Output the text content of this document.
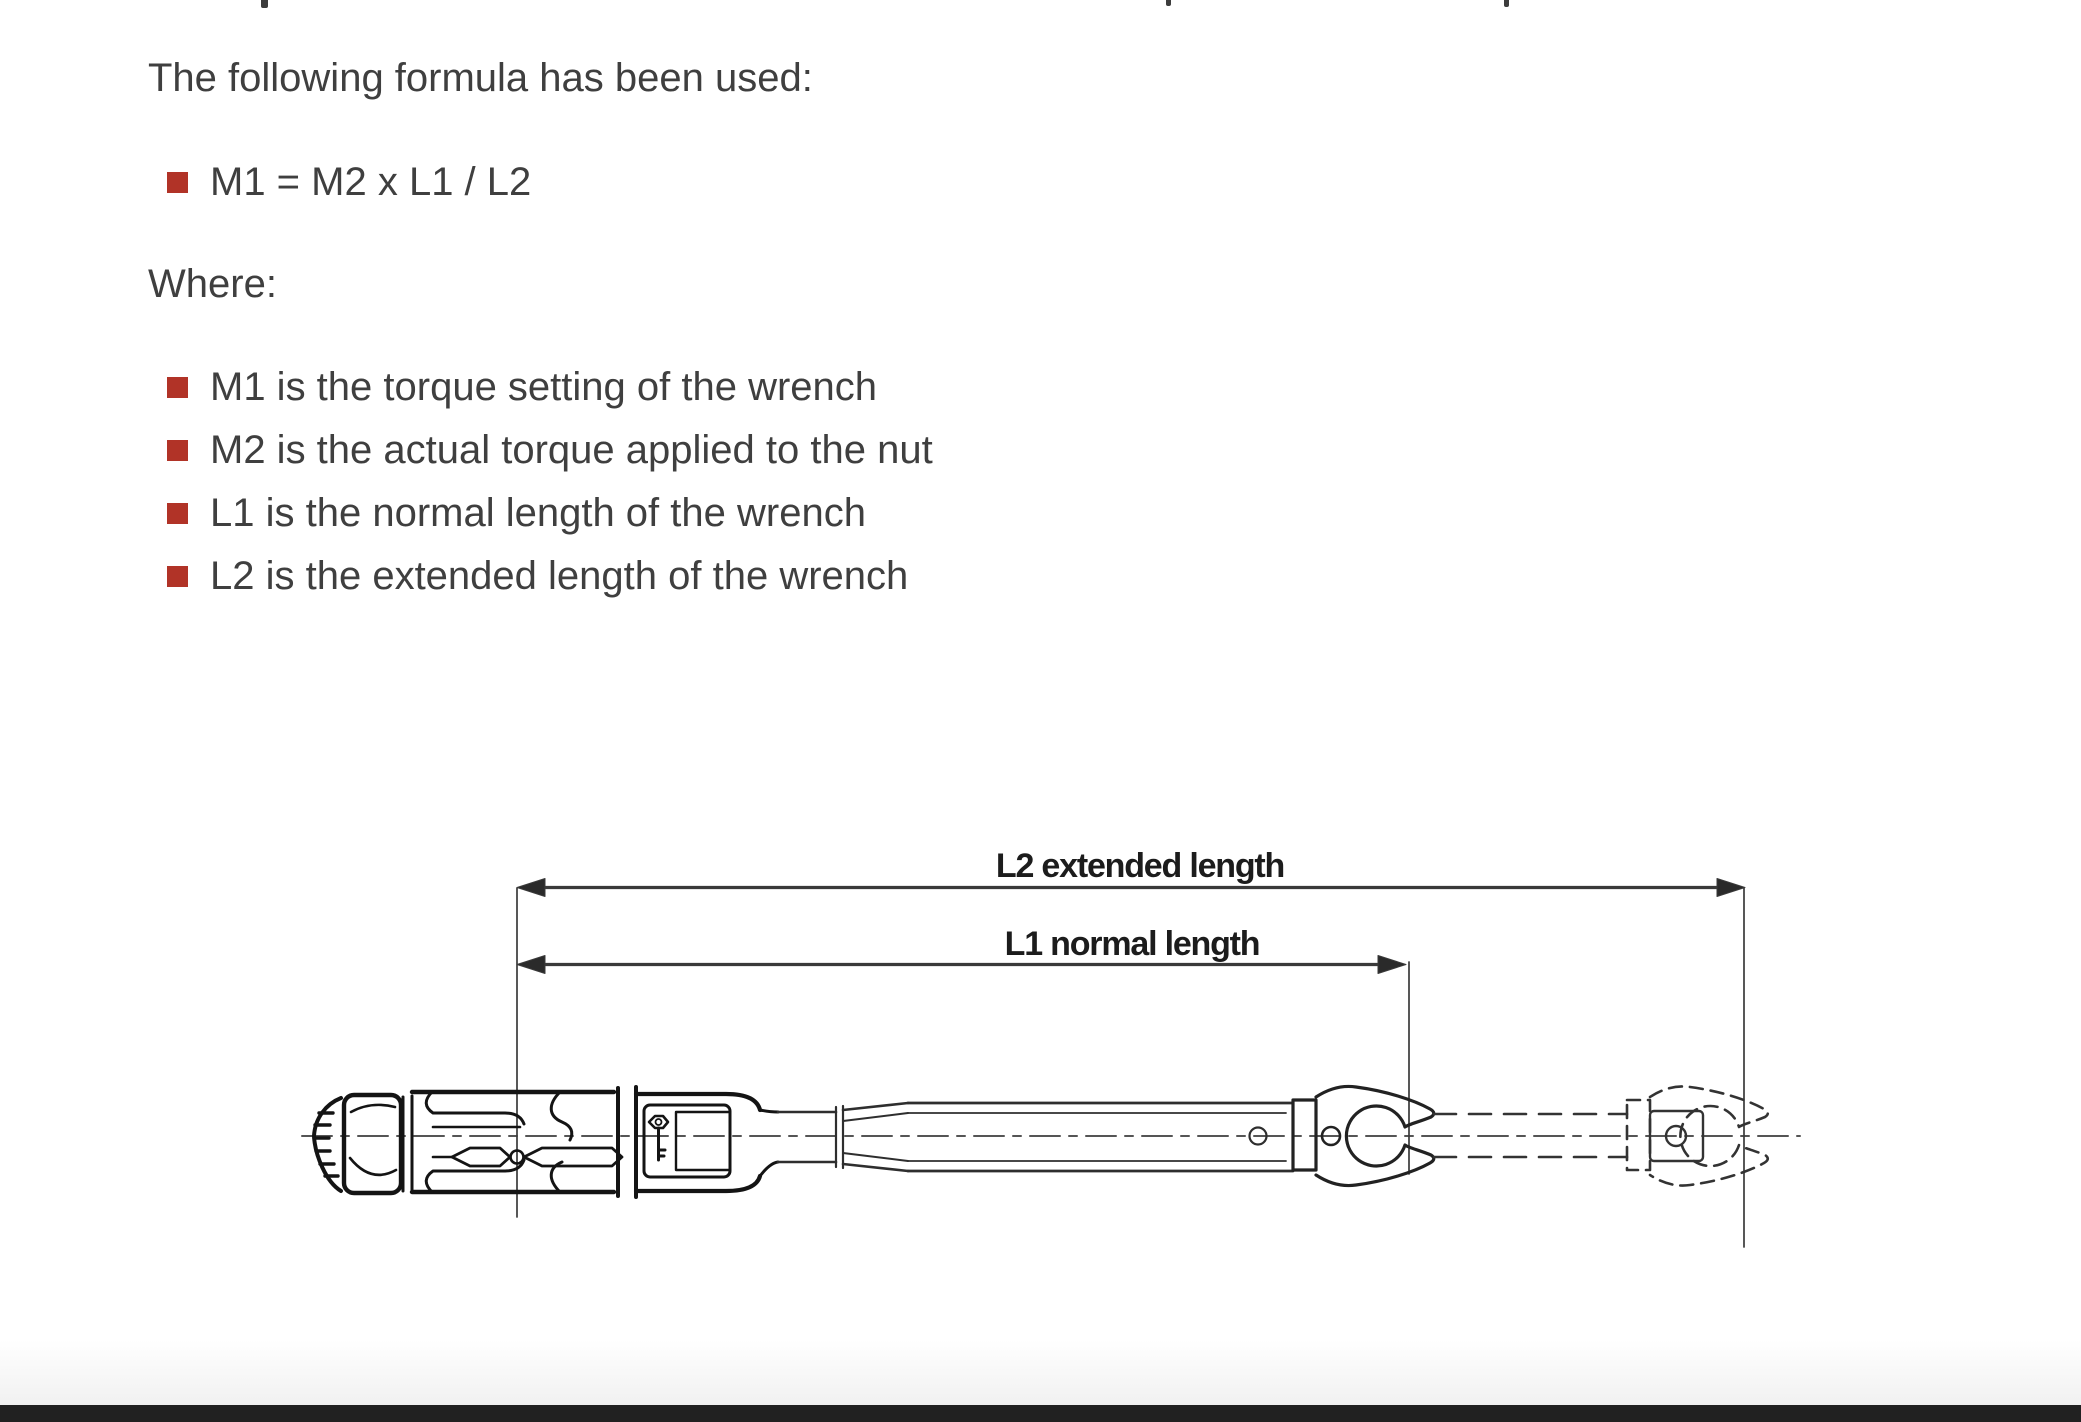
The following formula has been used:
M1 = M2 x L1 / L2
Where:
M1 is the torque setting of the wrench
M2 is the actual torque applied to the nut
L1 is the normal length of the wrench
L2 is the extended length of the wrench
L2 extended length
L1 normal length
